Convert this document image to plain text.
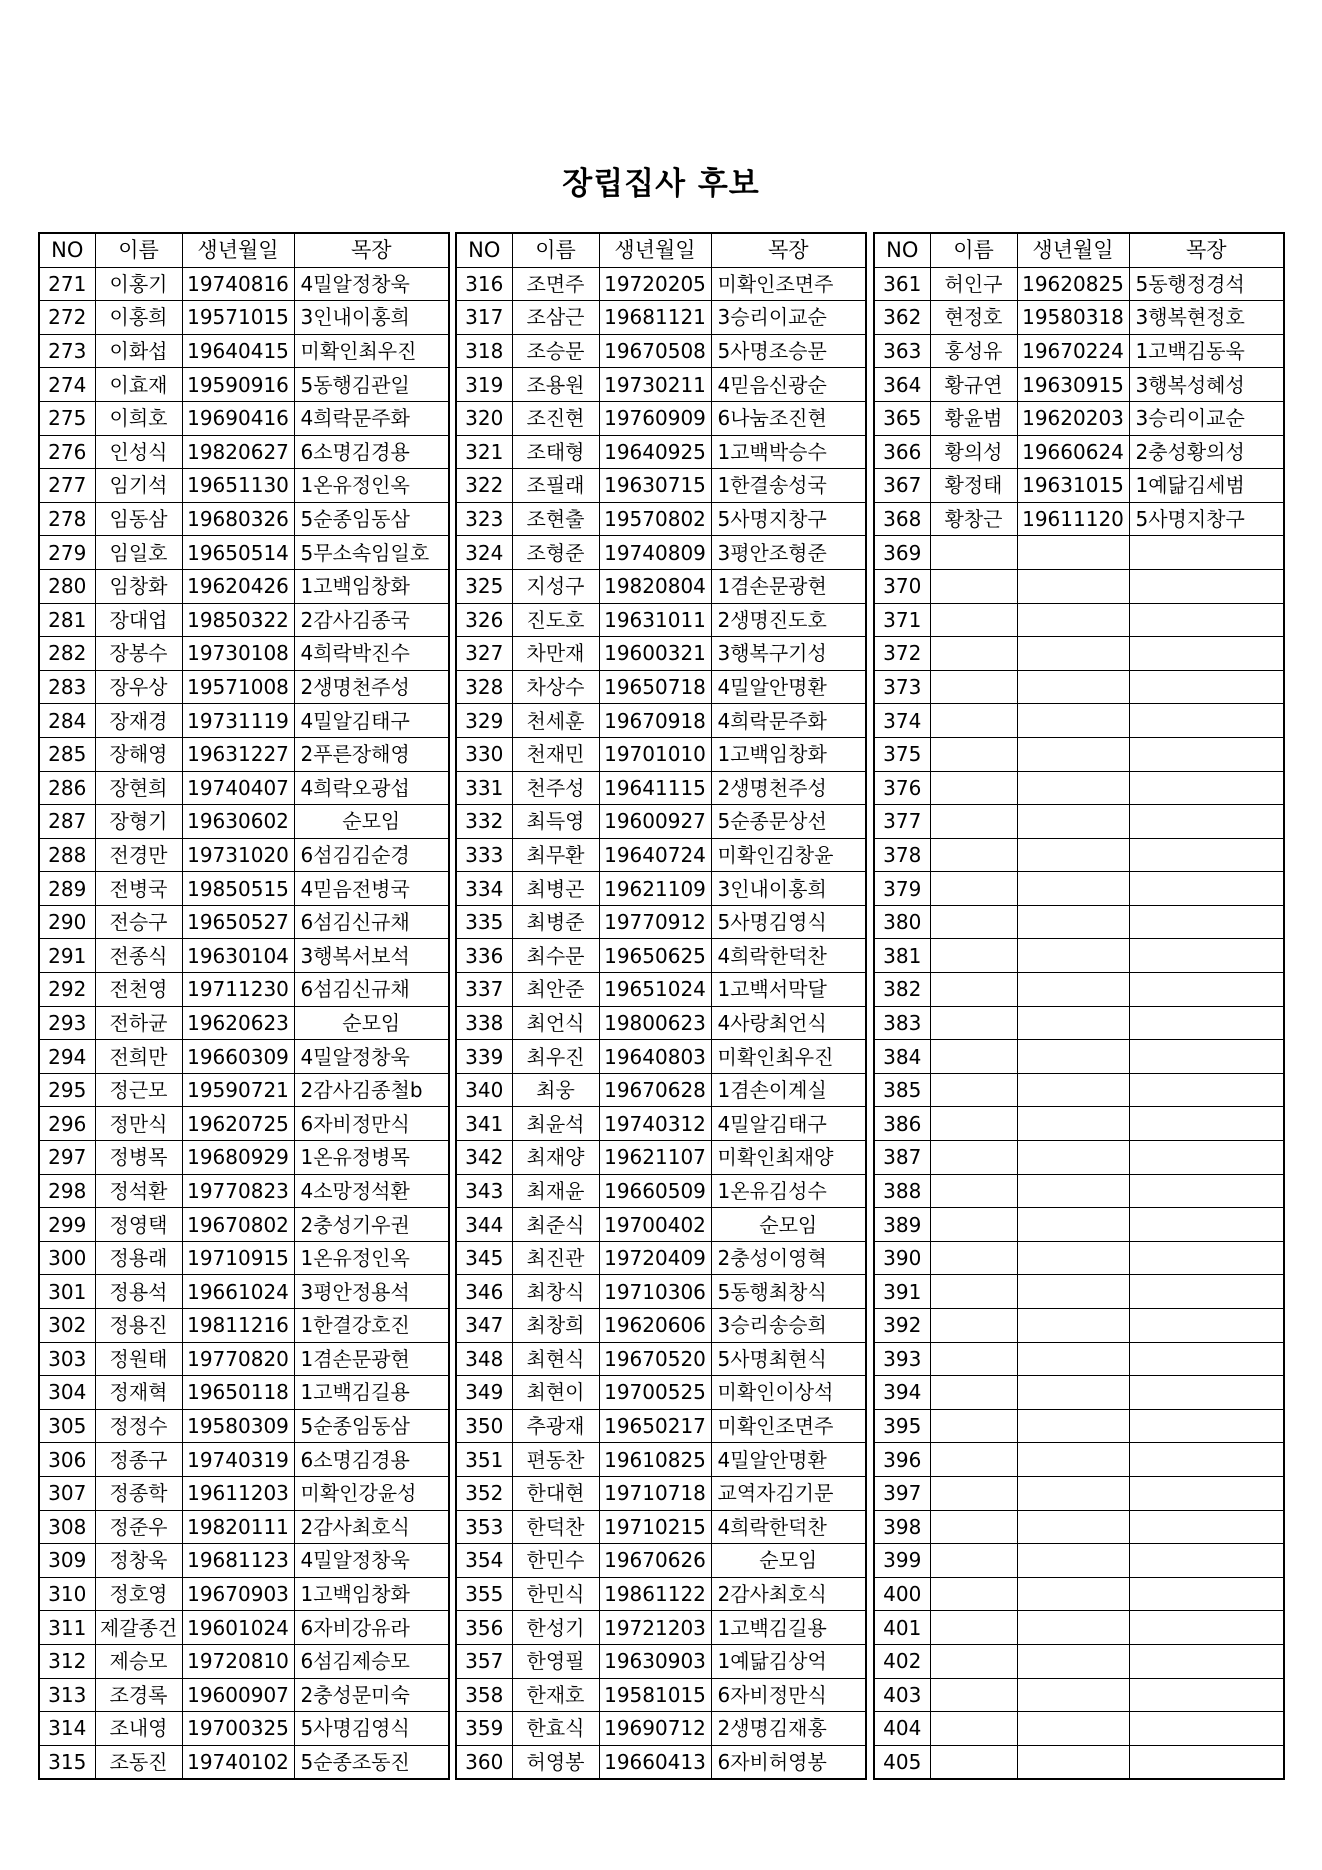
장립집사 후보
NO	이름	생년월일	목장
271	이홍기	19740816	4밀알정창욱
272	이홍희	19571015	3인내이홍희
273	이화섭	19640415	미확인최우진
274	이효재	19590916	5동행김관일
275	이희호	19690416	4희락문주화
276	인성식	19820627	6소명김경용
277	임기석	19651130	1온유정인옥
278	임동삼	19680326	5순종임동삼
279	임일호	19650514	5무소속임일호
280	임창화	19620426	1고백임창화
281	장대업	19850322	2감사김종국
282	장봉수	19730108	4희락박진수
283	장우상	19571008	2생명천주성
284	장재경	19731119	4밀알김태구
285	장해영	19631227	2푸른장해영
286	장현희	19740407	4희락오광섭
287	장형기	19630602	순모임
288	전경만	19731020	6섬김김순경
289	전병국	19850515	4믿음전병국
290	전승구	19650527	6섬김신규채
291	전종식	19630104	3행복서보석
292	전천영	19711230	6섬김신규채
293	전하균	19620623	순모임
294	전희만	19660309	4밀알정창욱
295	정근모	19590721	2감사김종철b
296	정만식	19620725	6자비정만식
297	정병목	19680929	1온유정병목
298	정석환	19770823	4소망정석환
299	정영택	19670802	2충성기우권
300	정용래	19710915	1온유정인옥
301	정용석	19661024	3평안정용석
302	정용진	19811216	1한결강호진
303	정원태	19770820	1겸손문광현
304	정재혁	19650118	1고백김길용
305	정정수	19580309	5순종임동삼
306	정종구	19740319	6소명김경용
307	정종학	19611203	미확인강윤성
308	정준우	19820111	2감사최호식
309	정창욱	19681123	4밀알정창욱
310	정호영	19670903	1고백임창화
311	제갈종건	19601024	6자비강유라
312	제승모	19720810	6섬김제승모
313	조경록	19600907	2충성문미숙
314	조내영	19700325	5사명김영식
315	조동진	19740102	5순종조동진
NO	이름	생년월일	목장
316	조면주	19720205	미확인조면주
317	조삼근	19681121	3승리이교순
318	조승문	19670508	5사명조승문
319	조용원	19730211	4믿음신광순
320	조진현	19760909	6나눔조진현
321	조태형	19640925	1고백박승수
322	조필래	19630715	1한결송성국
323	조현출	19570802	5사명지창구
324	조형준	19740809	3평안조형준
325	지성구	19820804	1겸손문광현
326	진도호	19631011	2생명진도호
327	차만재	19600321	3행복구기성
328	차상수	19650718	4밀알안명환
329	천세훈	19670918	4희락문주화
330	천재민	19701010	1고백임창화
331	천주성	19641115	2생명천주성
332	최득영	19600927	5순종문상선
333	최무환	19640724	미확인김창윤
334	최병곤	19621109	3인내이홍희
335	최병준	19770912	5사명김영식
336	최수문	19650625	4희락한덕찬
337	최안준	19651024	1고백서막달
338	최언식	19800623	4사랑최언식
339	최우진	19640803	미확인최우진
340	최웅	19670628	1겸손이계실
341	최윤석	19740312	4밀알김태구
342	최재양	19621107	미확인최재양
343	최재윤	19660509	1온유김성수
344	최준식	19700402	순모임
345	최진관	19720409	2충성이영혁
346	최창식	19710306	5동행최창식
347	최창희	19620606	3승리송승희
348	최현식	19670520	5사명최현식
349	최현이	19700525	미확인이상석
350	추광재	19650217	미확인조면주
351	편동찬	19610825	4밀알안명환
352	한대현	19710718	교역자김기문
353	한덕찬	19710215	4희락한덕찬
354	한민수	19670626	순모임
355	한민식	19861122	2감사최호식
356	한성기	19721203	1고백김길용
357	한영필	19630903	1예닮김상억
358	한재호	19581015	6자비정만식
359	한효식	19690712	2생명김재홍
360	허영봉	19660413	6자비허영봉
NO	이름	생년월일	목장
361	허인구	19620825	5동행정경석
362	현정호	19580318	3행복현정호
363	홍성유	19670224	1고백김동욱
364	황규연	19630915	3행복성혜성
365	황윤범	19620203	3승리이교순
366	황의성	19660624	2충성황의성
367	황정태	19631015	1예닮김세범
368	황창근	19611120	5사명지창구
369			
370			
371			
372			
373			
374			
375			
376			
377			
378			
379			
380			
381			
382			
383			
384			
385			
386			
387			
388			
389			
390			
391			
392			
393			
394			
395			
396			
397			
398			
399			
400			
401			
402			
403			
404			
405			
